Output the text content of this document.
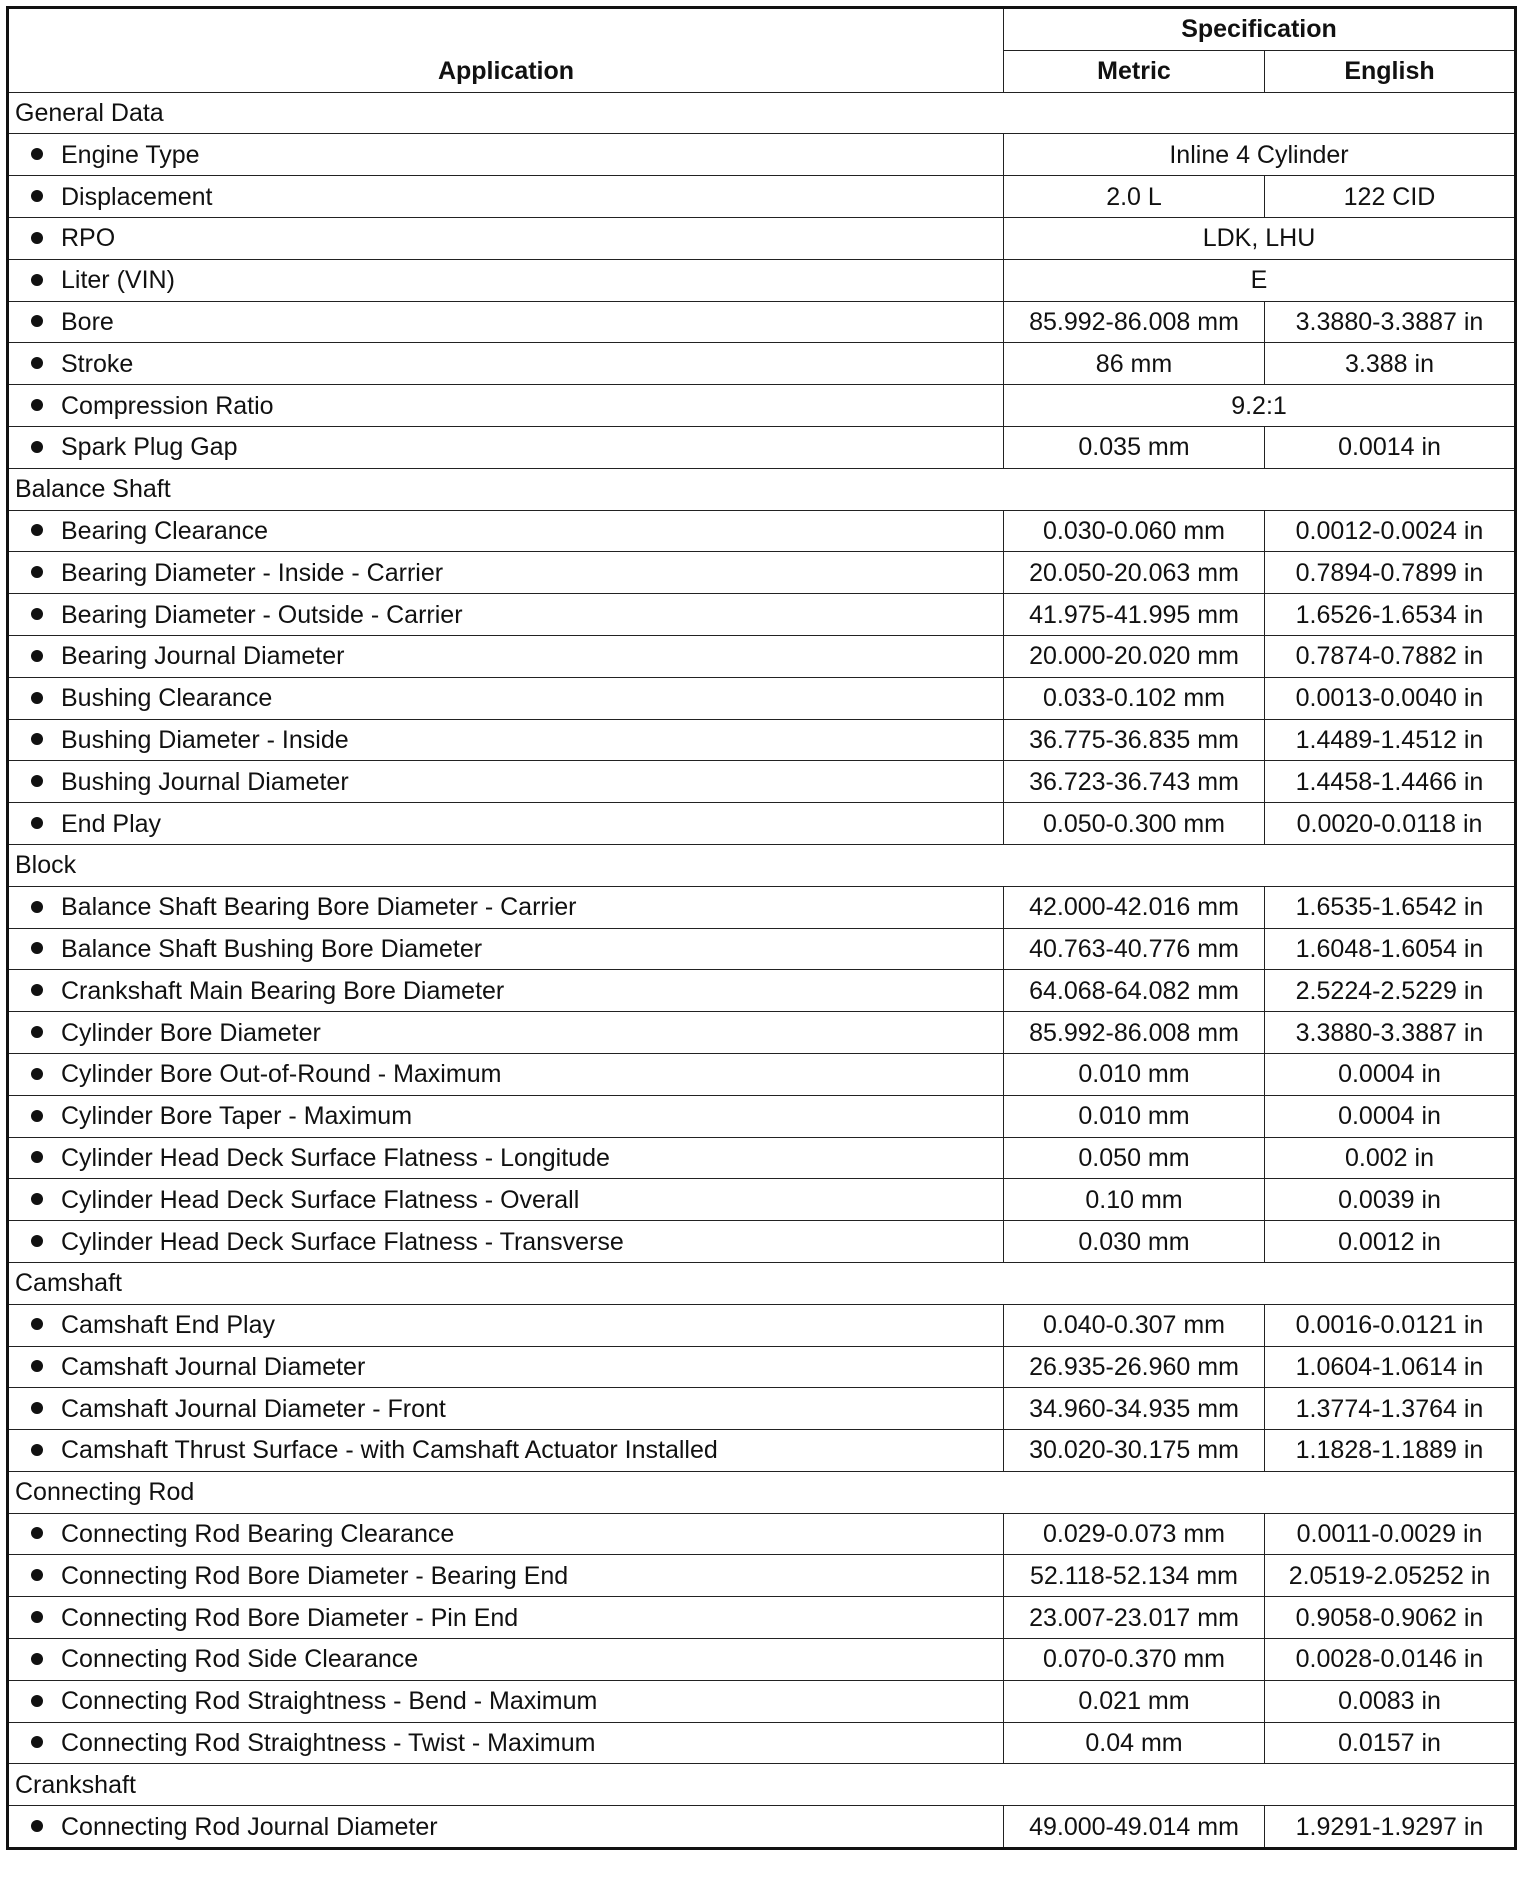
Application	Specification	
	Metric	English
General Data		
Engine Type	Inline 4 Cylinder	
Displacement	2.0 L	122 CID
RPO	LDK, LHU	
Liter (VIN)	E	
Bore	85.992-86.008 mm	3.3880-3.3887 in
Stroke	86 mm	3.388 in
Compression Ratio	9.2:1	
Spark Plug Gap	0.035 mm	0.0014 in
Balance Shaft		
Bearing Clearance	0.030-0.060 mm	0.0012-0.0024 in
Bearing Diameter - Inside - Carrier	20.050-20.063 mm	0.7894-0.7899 in
Bearing Diameter - Outside - Carrier	41.975-41.995 mm	1.6526-1.6534 in
Bearing Journal Diameter	20.000-20.020 mm	0.7874-0.7882 in
Bushing Clearance	0.033-0.102 mm	0.0013-0.0040 in
Bushing Diameter - Inside	36.775-36.835 mm	1.4489-1.4512 in
Bushing Journal Diameter	36.723-36.743 mm	1.4458-1.4466 in
End Play	0.050-0.300 mm	0.0020-0.0118 in
Block		
Balance Shaft Bearing Bore Diameter - Carrier	42.000-42.016 mm	1.6535-1.6542 in
Balance Shaft Bushing Bore Diameter	40.763-40.776 mm	1.6048-1.6054 in
Crankshaft Main Bearing Bore Diameter	64.068-64.082 mm	2.5224-2.5229 in
Cylinder Bore Diameter	85.992-86.008 mm	3.3880-3.3887 in
Cylinder Bore Out-of-Round - Maximum	0.010 mm	0.0004 in
Cylinder Bore Taper - Maximum	0.010 mm	0.0004 in
Cylinder Head Deck Surface Flatness - Longitude	0.050 mm	0.002 in
Cylinder Head Deck Surface Flatness - Overall	0.10 mm	0.0039 in
Cylinder Head Deck Surface Flatness - Transverse	0.030 mm	0.0012 in
Camshaft		
Camshaft End Play	0.040-0.307 mm	0.0016-0.0121 in
Camshaft Journal Diameter	26.935-26.960 mm	1.0604-1.0614 in
Camshaft Journal Diameter - Front	34.960-34.935 mm	1.3774-1.3764 in
Camshaft Thrust Surface - with Camshaft Actuator Installed	30.020-30.175 mm	1.1828-1.1889 in
Connecting Rod		
Connecting Rod Bearing Clearance	0.029-0.073 mm	0.0011-0.0029 in
Connecting Rod Bore Diameter - Bearing End	52.118-52.134 mm	2.0519-2.05252 in
Connecting Rod Bore Diameter - Pin End	23.007-23.017 mm	0.9058-0.9062 in
Connecting Rod Side Clearance	0.070-0.370 mm	0.0028-0.0146 in
Connecting Rod Straightness - Bend - Maximum	0.021 mm	0.0083 in
Connecting Rod Straightness - Twist - Maximum	0.04 mm	0.0157 in
Crankshaft		
Connecting Rod Journal Diameter	49.000-49.014 mm	1.9291-1.9297 in
